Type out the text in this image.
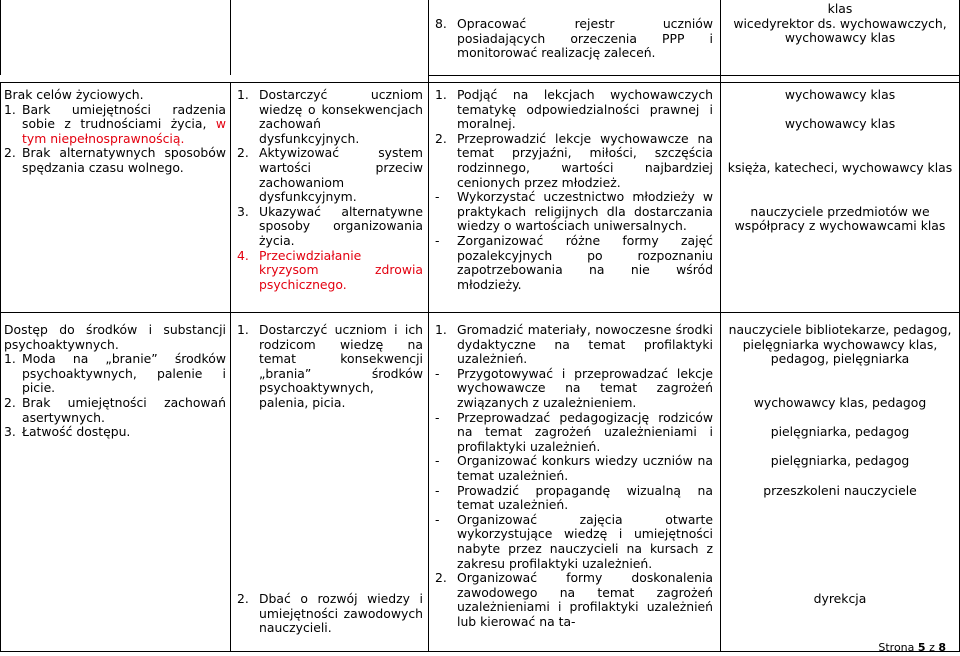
8. Opracować rejestr uczniów posiadających orzeczenia PPP i monitorować realizację zaleceń.
klas
wicedyrektor ds. wychowawczych, wychowawcy klas
Brak celów życiowych.
1. Bark umiejętności radzenia sobie z trudnościami życia, w tym niepełnosprawnością.
2. Brak alternatywnych sposobów spędzania czasu wolnego.
1. Dostarczyć uczniom wiedzę o konsekwencjach zachowań dysfunkcyjnych.
2. Aktywizować system wartości przeciw zachowaniom dysfunkcyjnym.
3. Ukazywać alternatywne sposoby organizowania życia.
4. Przeciwdziałanie kryzysom zdrowia psychicznego.
1. Podjąć na lekcjach wychowawczych tematykę odpowiedzialności prawnej i moralnej.
2. Przeprowadzić lekcje wychowawcze na temat przyjaźni, miłości, szczęścia rodzinnego, wartości najbardziej cenionych przez młodzież.
- Wykorzystać uczestnictwo młodzieży w praktykach religijnych dla dostarczania wiedzy o wartościach uniwersalnych.
- Zorganizować różne formy zajęć pozalekcyjnych po rozpoznaniu zapotrzebowania na nie wśród młodzieży.
wychowawcy klas
wychowawcy klas
księża, katecheci, wychowawcy klas
nauczyciele przedmiotów we współpracy z wychowawcami klas
Dostęp do środków i substancji psychoaktywnych.
1. Moda na „branie” środków psychoaktywnych, palenie i picie.
2. Brak umiejętności zachowań asertywnych.
3. Łatwość dostępu.
1. Dostarczyć uczniom i ich rodzicom wiedzę na temat konsekwencji „brania” środków psychoaktywnych, palenia, picia.
2. Dbać o rozwój wiedzy i umiejętności zawodowych nauczycieli.
1. Gromadzić materiały, nowoczesne środki dydaktyczne na temat profilaktyki uzależnień.
- Przygotowywać i przeprowadzać lekcje wychowawcze na temat zagrożeń związanych z uzależnieniem.
- Przeprowadzać pedagogizację rodziców na temat zagrożeń uzależnieniami i profilaktyki uzależnień.
- Organizować konkurs wiedzy uczniów na temat uzależnień.
- Prowadzić propagandę wizualną na temat uzależnień.
- Organizować zajęcia otwarte wykorzystujące wiedzę i umiejętności nabyte przez nauczycieli na kursach z zakresu profilaktyki uzależnień.
2. Organizować formy doskonalenia zawodowego na temat zagrożeń uzależnieniami i profilaktyki uzależnień lub kierować na ta-
nauczyciele bibliotekarze, pedagog, pielęgniarka wychowawcy klas, pedagog, pielęgniarka
wychowawcy klas, pedagog
pielęgniarka, pedagog
pielęgniarka, pedagog
przeszkoleni nauczyciele
dyrekcja
Strona 5 z 8
